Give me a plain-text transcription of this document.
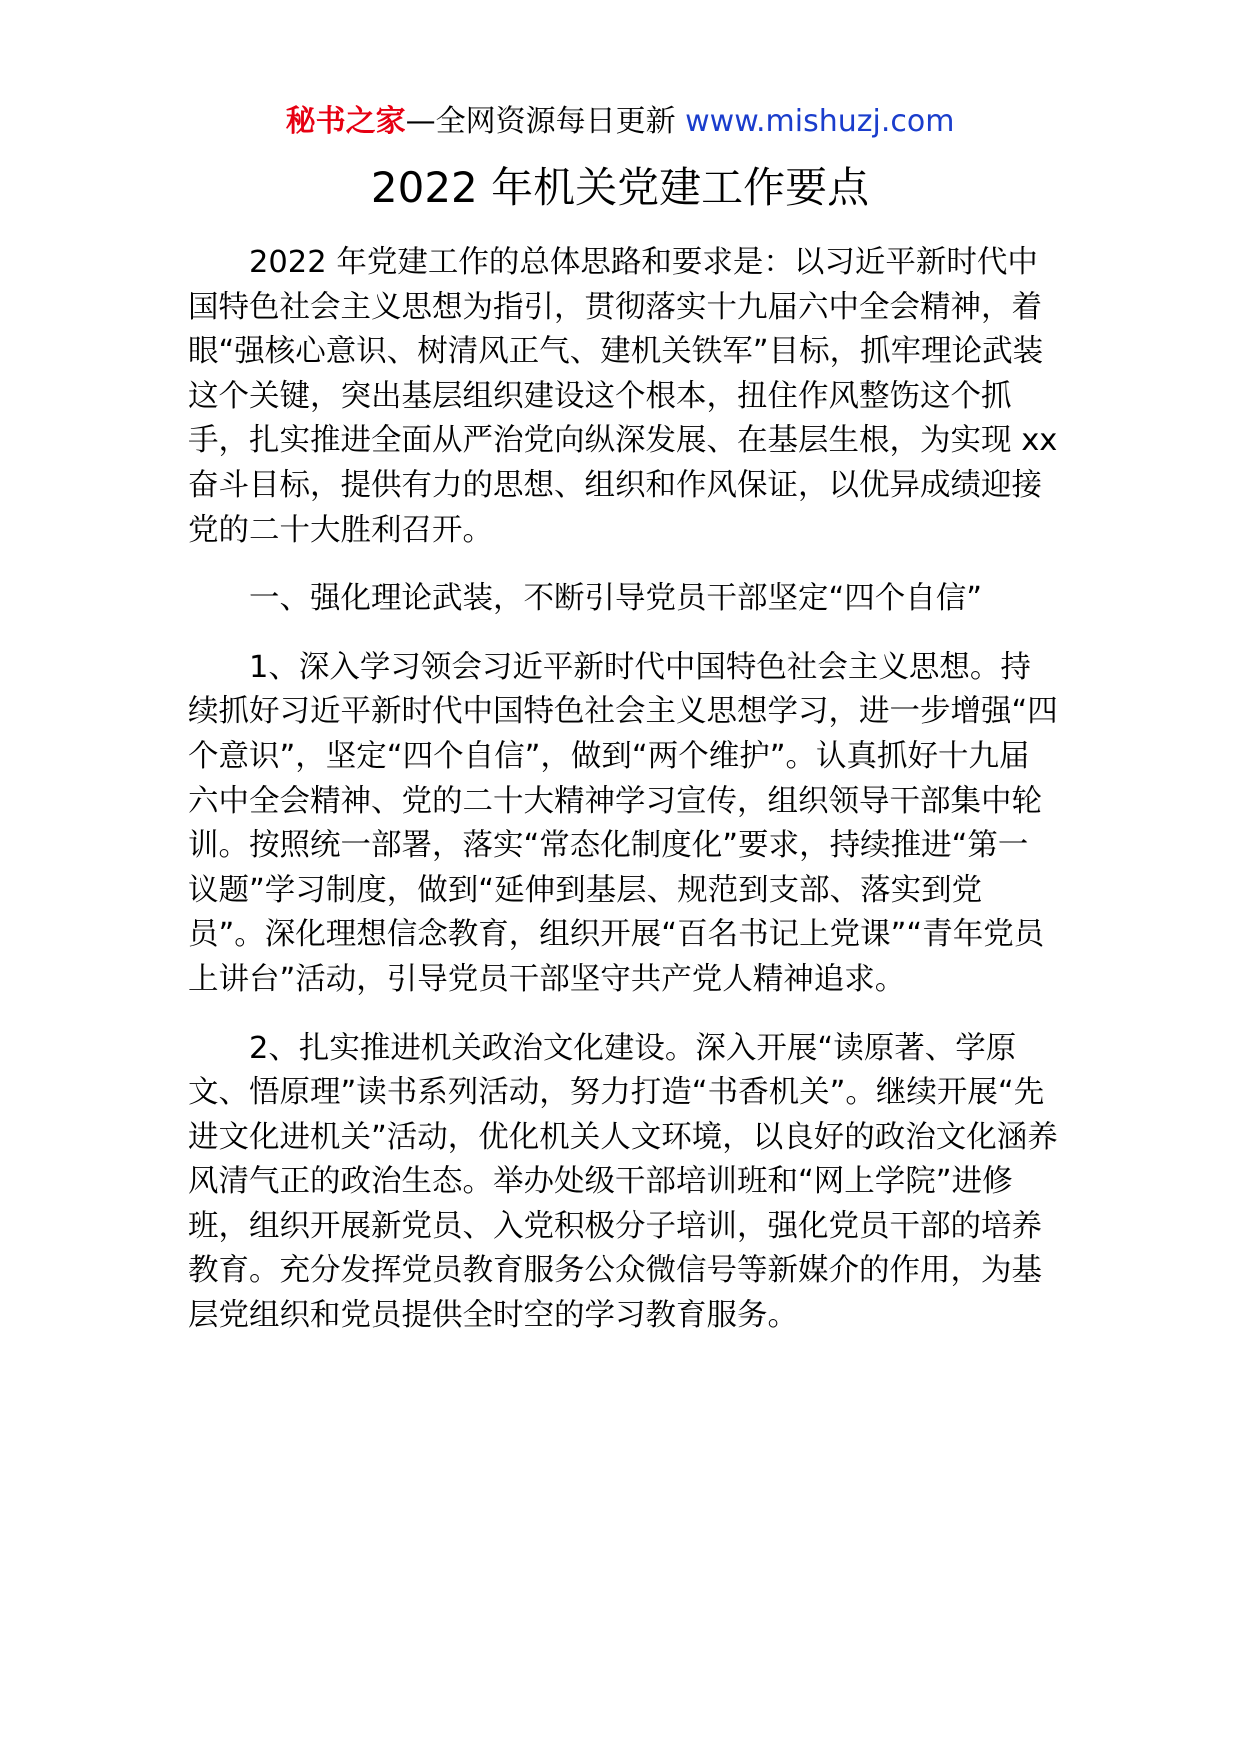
秘书之家—全网资源每日更新 www.mishuzj.com
2022 年机关党建工作要点

2022 年党建工作的总体思路和要求是：以习近平新时代中国特色社会主义思想为指引，贯彻落实十九届六中全会精神，着眼“强核心意识、树清风正气、建机关铁军”目标，抓牢理论武装这个关键，突出基层组织建设这个根本，扭住作风整饬这个抓手，扎实推进全面从严治党向纵深发展、在基层生根，为实现 xx 奋斗目标，提供有力的思想、组织和作风保证，以优异成绩迎接党的二十大胜利召开。

一、强化理论武装，不断引导党员干部坚定“四个自信”

1、深入学习领会习近平新时代中国特色社会主义思想。持续抓好习近平新时代中国特色社会主义思想学习，进一步增强“四个意识”，坚定“四个自信”，做到“两个维护”。认真抓好十九届六中全会精神、党的二十大精神学习宣传，组织领导干部集中轮训。按照统一部署，落实“常态化制度化”要求，持续推进“第一议题”学习制度，做到“延伸到基层、规范到支部、落实到党员”。深化理想信念教育，组织开展“百名书记上党课”“青年党员上讲台”活动，引导党员干部坚守共产党人精神追求。

2、扎实推进机关政治文化建设。深入开展“读原著、学原文、悟原理”读书系列活动，努力打造“书香机关”。继续开展“先进文化进机关”活动，优化机关人文环境，以良好的政治文化涵养风清气正的政治生态。举办处级干部培训班和“网上学院”进修班，组织开展新党员、入党积极分子培训，强化党员干部的培养教育。充分发挥党员教育服务公众微信号等新媒介的作用，为基层党组织和党员提供全时空的学习教育服务。
